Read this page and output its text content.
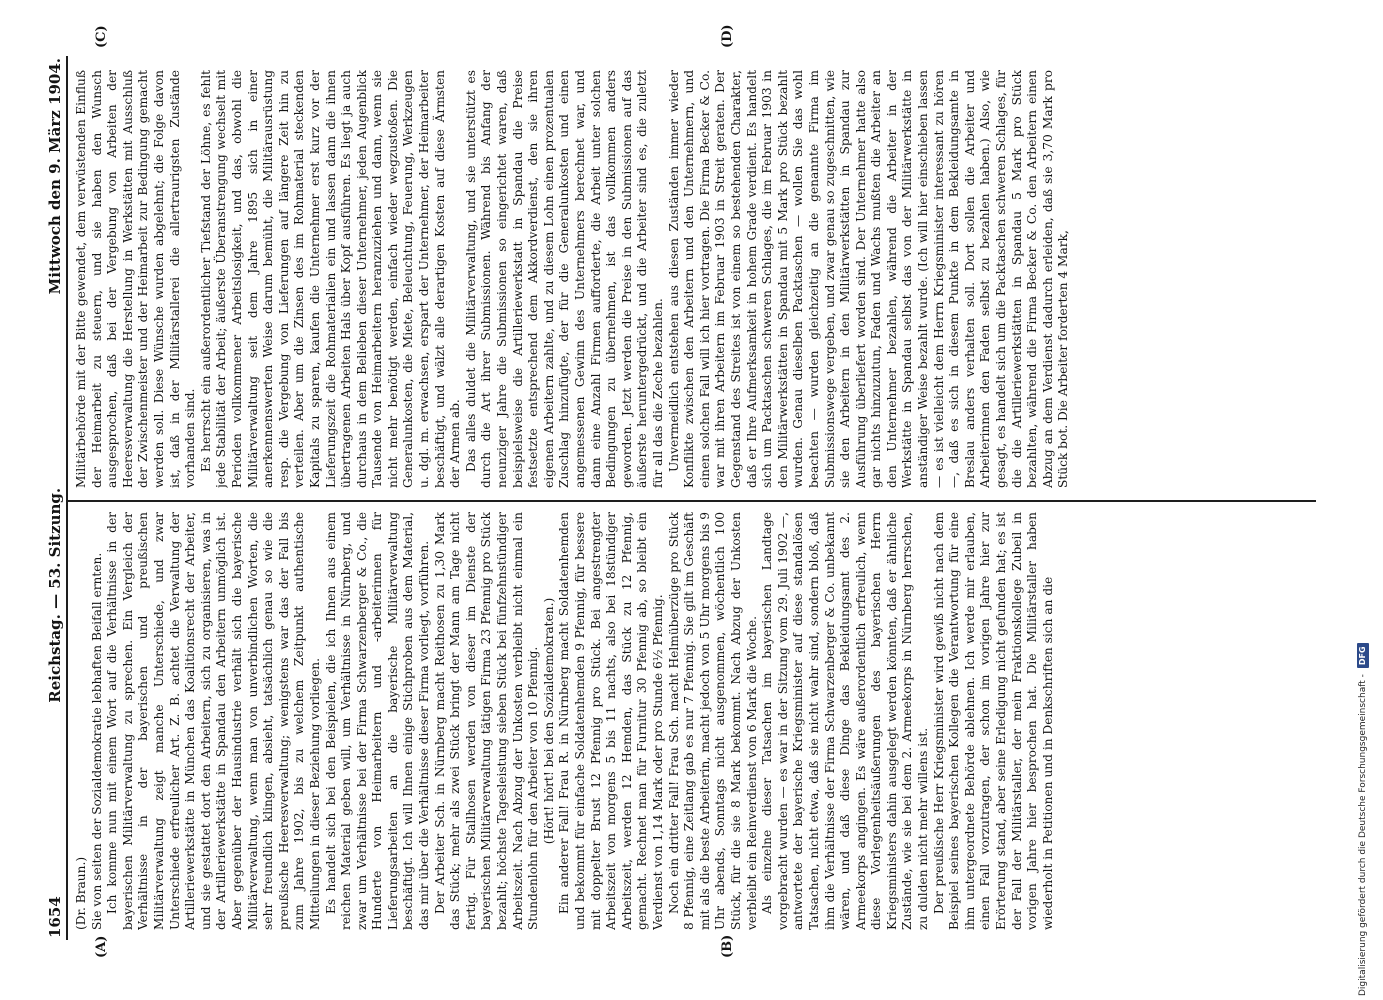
1654
Reichstag. — 53. Sitzung.
Mittwoch den 9. März 1904.
(A)	(B)
(C)	(D)

(Dr. Braun.) Sie von seiten der Sozialdemokratie lebhaften Beifall ernten. Ich komme nun mit einem Wort auf die Verhältnisse in der bayerischen Militärverwaltung zu sprechen. Ein Vergleich der Verhältnisse in der bayerischen und preußischen Militärverwaltung zeigt manche Unterschiede, und zwar Unterschiede erfreulicher Art. Z. B. achtet die Verwaltung der Artilleriewerkstätte in München das Koalitionsrecht der Arbeiter, und sie gestattet dort den Arbeitern, sich zu organisieren, was in der Artilleriewerkstätte in Spandau den Arbeitern unmöglich ist. Aber gegenüber der Hausindustrie verhält sich die bayerische Militärverwaltung, wenn man von unverbindlichen Worten, die sehr freundlich klingen, absieht, tatsächlich genau so wie die preußische Heeresverwaltung; wenigstens war das der Fall bis zum Jahre 1902, bis zu welchem Zeitpunkt authentische Mitteilungen in dieser Beziehung vorliegen. Es handelt sich bei den Beispielen, die ich Ihnen aus einem reichen Material geben will, um Verhältnisse in Nürnberg, und zwar um Verhältnisse bei der Firma Schwarzenberger & Co., die Hunderte von Heimarbeitern und -arbeiterinnen für Lieferungsarbeiten an die bayerische Militärverwaltung beschäftigt. Ich will Ihnen einige Stichproben aus dem Material, das mir über die Verhältnisse dieser Firma vorliegt, vorführen. Der Arbeiter Sch. in Nürnberg macht Reithosen zu 1,30 Mark das Stück; mehr als zwei Stück bringt der Mann am Tage nicht fertig. Für Stallhosen werden von dieser im Dienste der bayerischen Militärverwaltung tätigen Firma 23 Pfennig pro Stück bezahlt; höchste Tagesleistung sieben Stück bei fünfzehnstündiger Arbeitszeit. Nach Abzug der Unkosten verbleibt nicht einmal ein Stundenlohn für den Arbeiter von 10 Pfennig. (Hört! hört! bei den Sozialdemokraten.) Ein anderer Fall! Frau R. in Nürnberg macht Soldatenhemden und bekommt für einfache Soldatenhemden 9 Pfennig, für bessere mit doppelter Brust 12 Pfennig pro Stück. Bei angestrengter Arbeitszeit von morgens 5 bis 11 nachts, also bei 18stündiger Arbeitszeit, werden 12 Hemden, das Stück zu 12 Pfennig, gemacht. Rechnet man für Furnitur 30 Pfennig ab, so bleibt ein Verdienst von 1,14 Mark oder pro Stunde 6½ Pfennig. Noch ein dritter Fall! Frau Sch. macht Helmüberzüge pro Stück 8 Pfennig, eine Zeitlang gab es nur 7 Pfennig. Sie gilt im Geschäft mit als die beste Arbeiterin, macht jedoch von 5 Uhr morgens bis 9 Uhr abends, Sonntags nicht ausgenommen, wöchentlich 100 Stück, für die sie 8 Mark bekommt. Nach Abzug der Unkosten verbleibt ein Reinverdienst von 6 Mark die Woche. Als einzelne dieser Tatsachen im bayerischen Landtage vorgebracht wurden — es war in der Sitzung vom 29. Juli 1902 —, antwortete der bayerische Kriegsminister auf diese standalösen Tatsachen, nicht etwa, daß sie nicht wahr sind, sondern bloß, daß ihm die Verhältnisse der Firma Schwarzenberger & Co. unbekannt wären, und daß diese Dinge das Bekleidungsamt des 2. Armeekorps angingen. Es wäre außerordentlich erfreulich, wenn diese Vorlegenheitsäußerungen des bayerischen Herrn Kriegsministers dahin ausgelegt werden könnten, daß er ähnliche Zustände, wie sie bei dem 2. Armeekorps in Nürnberg herrschen, zu dulden nicht mehr willens ist. Der preußische Herr Kriegsminister wird gewiß nicht nach dem Beispiel seines bayerischen Kollegen die Verantwortung für eine ihm untergeordnete Behörde ablehnen. Ich werde mir erlauben, einen Fall vorzutragen, der schon im vorigen Jahre hier zur Erörterung stand, aber seine Erledigung nicht gefunden hat; es ist der Fall der Militärstaller, der mein Fraktionskollege Zubeil in vorigen Jahre hier besprochen hat. Die Militärstaller haben wiederholt in Petitionen und in Denkschriften sich an die

Militärbehörde mit der Bitte gewendet, dem verwüstenden Einfluß der Heimarbeit zu steuern, und sie haben den Wunsch ausgesprochen, daß bei der Vergebung von Arbeiten der Heeresverwaltung die Herstellung in Werkstätten mit Ausschluß der Zwischenmeister und der Heimarbeit zur Bedingung gemacht werden soll. Diese Wünsche wurden abgelehnt; die Folge davon ist, daß in der Militärstallerei die allertraurigsten Zustände vorhanden sind. Es herrscht ein außerordentlicher Tiefstand der Löhne, es fehlt jede Stabilität der Arbeit; äußerste Überanstrengung wechselt mit Perioden vollkommener Arbeitslosigkeit, und das, obwohl die Militärverwaltung seit dem Jahre 1895 sich in einer anerkennenswerten Weise darum bemüht, die Militärausrüstung resp. die Vergebung von Lieferungen auf längere Zeit hin zu verteilen. Aber um die Zinsen des im Rohmaterial steckenden Kapitals zu sparen, kaufen die Unternehmer erst kurz vor der Lieferungszeit die Rohmaterialien ein und lassen dann die ihnen übertragenen Arbeiten Hals über Kopf ausführen. Es liegt ja auch durchaus in dem Belieben dieser Unternehmer, jeden Augenblick Tausende von Heimarbeitern heranzuziehen und dann, wenn sie nicht mehr benötigt werden, einfach wieder wegzustoßen. Die Generalunkosten, die Miete, Beleuchtung, Feuerung, Werkzeugen u. dgl. m. erwachsen, erspart der Unternehmer, der Heimarbeiter beschäftigt, und wälzt alle derartigen Kosten auf diese Ärmsten der Armen ab. Das alles duldet die Militärverwaltung, und sie unterstützt es durch die Art ihrer Submissionen. Während bis Anfang der neunziger Jahre die Submissionen so eingerichtet waren, daß beispielsweise die Artilleriewerkstatt in Spandau die Preise festsetzte entsprechend dem Akkordverdienst, den sie ihren eigenen Arbeitern zahlte, und zu diesem Lohn einen prozentualen Zuschlag hinzufügte, der für die Generalunkosten und einen angemessenen Gewinn des Unternehmers berechnet war, und dann eine Anzahl Firmen aufforderte, die Arbeit unter solchen Bedingungen zu übernehmen, ist das vollkommen anders geworden. Jetzt werden die Preise in den Submissionen auf das äußerste heruntergedrückt, und die Arbeiter sind es, die zuletzt für all das die Zeche bezahlen. Unvermeidlich entstehen aus diesen Zuständen immer wieder Konflikte zwischen den Arbeitern und den Unternehmern, und einen solchen Fall will ich hier vortragen. Die Firma Becker & Co. war mit ihren Arbeitern im Februar 1903 in Streit geraten. Der Gegenstand des Streites ist von einem so bestehenden Charakter, daß er Ihre Aufmerksamkeit in hohem Grade verdient. Es handelt sich um Packtaschen schweren Schlages, die im Februar 1903 in den Militärwerkstätten in Spandau mit 5 Mark pro Stück bezahlt wurden. Genau dieselben Packtaschen — wollen Sie das wohl beachten — wurden gleichzeitig an die genannte Firma im Submissionswege vergeben, und zwar genau so zugeschnitten, wie sie den Arbeitern in den Militärwerkstätten in Spandau zur Ausführung überliefert worden sind. Der Unternehmer hatte also gar nichts hinzuzutun, Faden und Wachs mußten die Arbeiter an den Unternehmer bezahlen, während die Arbeiter in der Werkstätte in Spandau selbst das von der Militärwerkstätte in anständiger Weise bezahlt wurde. (Ich will hier einschieben lassen — es ist vielleicht dem Herrn Kriegsminister interessant zu hören —, daß es sich in diesem Punkte in dem Bekleidungsamte in Breslau anders verhalten soll. Dort sollen die Arbeiter und Arbeiterinnen den Faden selbst zu bezahlen haben.) Also, wie gesagt, es handelt sich um die Packtaschen schweren Schlages, für die die Artilleriewerkstätten in Spandau 5 Mark pro Stück bezahlten, während die Firma Becker & Co. den Arbeitern einen Abzug an dem Verdienst dadurch erleiden, daß sie 3,70 Mark pro Stück bot. Die Arbeiter forderten 4 Mark,

Digitalisierung gefördert durch die Deutsche Forschungsgemeinschaft -
DFG
